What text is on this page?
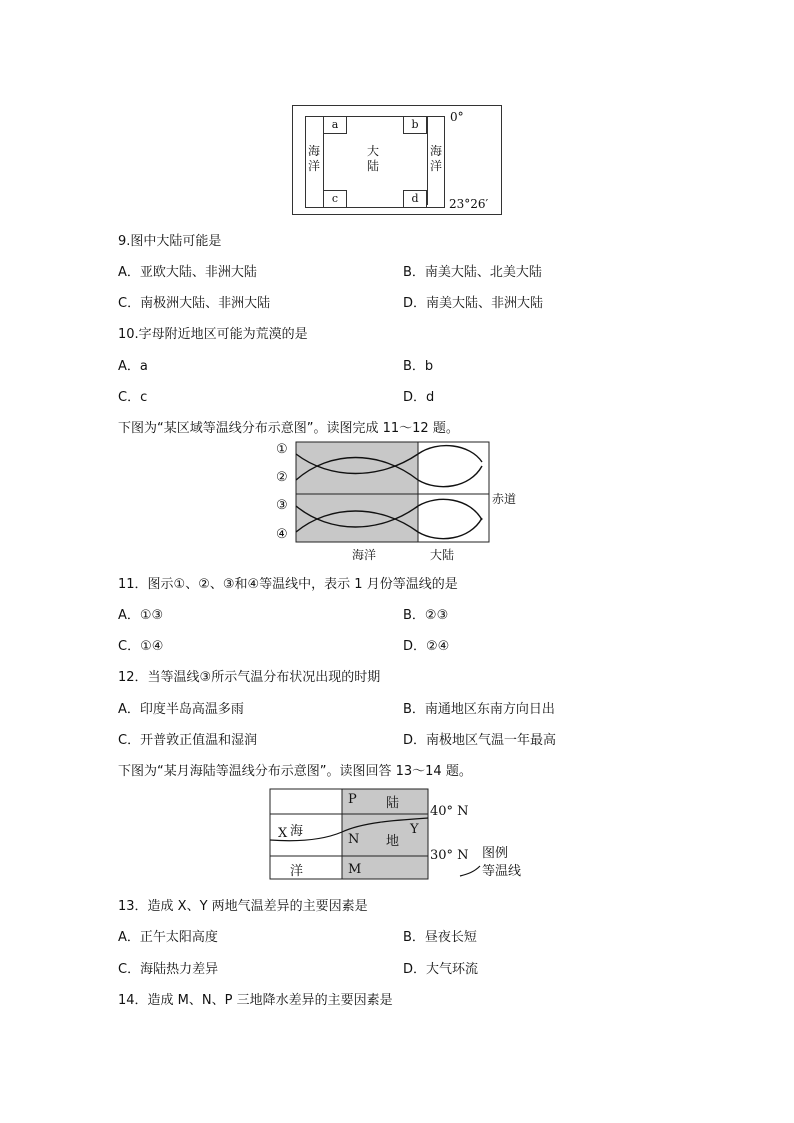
a	b
c	d
海洋
海洋
大陆
0°
23°26′
9.图中大陆可能是
A．亚欧大陆、非洲大陆	B．南美大陆、北美大陆
C．南极洲大陆、非洲大陆	D．南美大陆、非洲大陆
10.字母附近地区可能为荒漠的是
A．a	B．b
C．c	D．d
下图为“某区域等温线分布示意图”。读图完成 11～12 题。
①
②
③
④
赤道
海洋	大陆
11．图示①、②、③和④等温线中，表示 1 月份等温线的是
A．①③	B．②③
C．①④	D．②④
12．当等温线③所示气温分布状况出现的时期
A．印度半岛高温多雨	B．南通地区东南方向日出
C．开普敦正值温和湿润	D．南极地区气温一年最高
下图为“某月海陆等温线分布示意图”。读图回答 13～14 题。
P 陆
40° N
X 海
N 地
Y
30° N 图例
等温线
洋	M
13．造成 X、Y 两地气温差异的主要因素是
A．正午太阳高度	B．昼夜长短
C．海陆热力差异	D．大气环流
14．造成 M、N、P 三地降水差异的主要因素是
